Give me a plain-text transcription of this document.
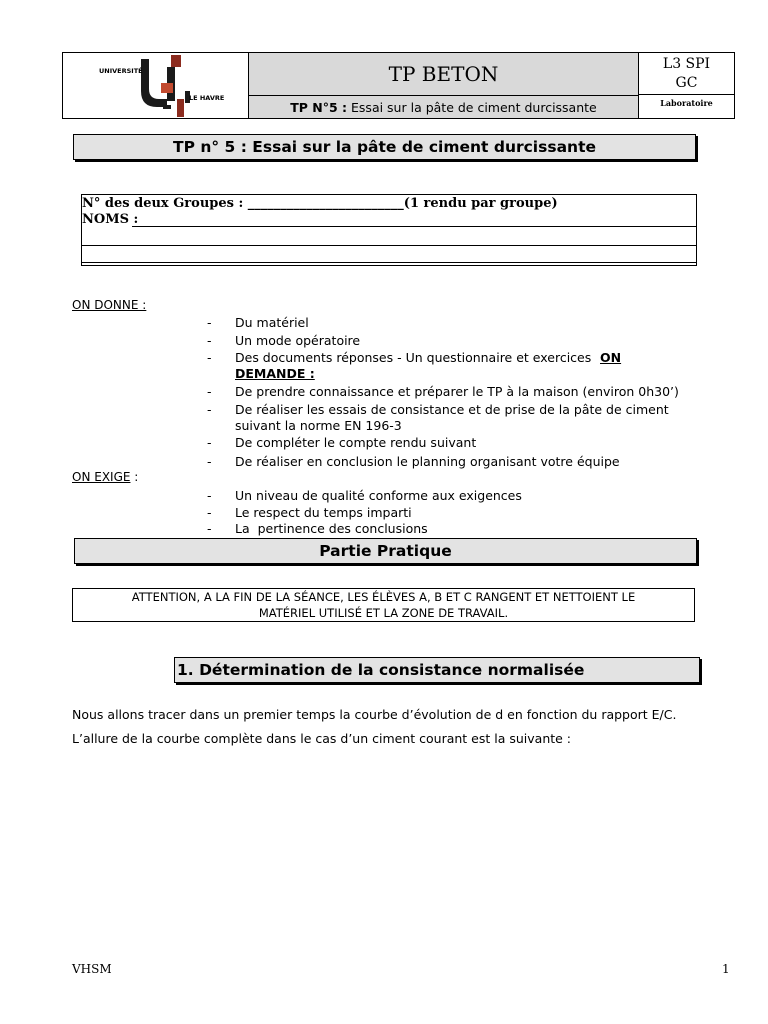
UNIVERSITÉ
LE HAVRE
TP BETON
TP N°5 : Essai sur la pâte de ciment durcissante
L3 SPI
GC
Laboratoire
TP n° 5 : Essai sur la pâte de ciment durcissante
N° des deux Groupes : ________________________(1 rendu par groupe)
NOMS :
ON DONNE :
- Du matériel
- Un mode opératoire
- Des documents réponses - Un questionnaire et exercices ON
DEMANDE :
- De prendre connaissance et préparer le TP à la maison (environ 0h30’)
- De réaliser les essais de consistance et de prise de la pâte de ciment
suivant la norme EN 196-3
- De compléter le compte rendu suivant
- De réaliser en conclusion le planning organisant votre équipe
ON EXIGE :
- Un niveau de qualité conforme aux exigences
- Le respect du temps imparti
- La  pertinence des conclusions
Partie Pratique
ATTENTION, A LA FIN DE LA SÉANCE, LES ÉLÈVES A, B ET C RANGENT ET NETTOIENT LE
MATÉRIEL UTILISÉ ET LA ZONE DE TRAVAIL.
1. Détermination de la consistance normalisée
Nous allons tracer dans un premier temps la courbe d’évolution de d en fonction du rapport E/C.
L’allure de la courbe complète dans le cas d’un ciment courant est la suivante :
VHSM	1
